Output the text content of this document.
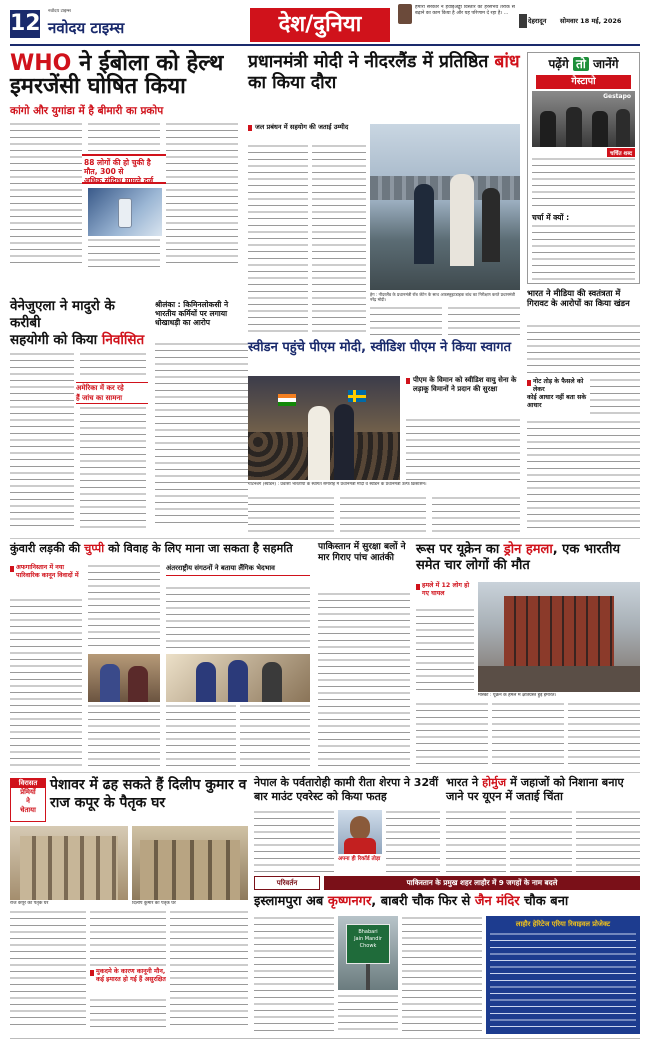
12 नवोदय टाइम्स
नवोदय टाइम्स	देश/दुनिया
हमारी सरकार ने हवाईअड्डा विस्तार को हरसंभव तरीके से बढ़ाने का काम किया है और यह परिणाम दे रहा है। ...
देहरादून सोमवार 18 मई, 2026
WHO ने ईबोला को हेल्थ इमरजेंसी घोषित किया
कांगो और युगांडा में है बीमारी का प्रकोप
88 लोगों की हो चुकी है मौत, 300 से
अधिक संदिग्ध मामले दर्ज
प्रधानमंत्री मोदी ने नीदरलैंड में प्रतिष्ठित बांध का किया दौरा
जल प्रबंधन में सहयोग की जताई उम्मीद
हेग : नीदरलैंड के प्रधानमंत्री रॉब जेटेन के साथ अफस्लुइटडाइक बांध का निरीक्षण करते प्रधानमंत्री नरेंद्र मोदी।
पढ़ेंगे तो जानेंगे
गेस्टापो
Gestapo
चर्चित शब्द
चर्चा में क्यों :
वेनेजुएला ने मादुरो के करीबी
सहयोगी को किया निर्वासित
अमेरिका में कर रहे
हैं जांच का सामना
श्रीलंका : किमिनलोकसी ने भारतीय कर्मियों पर लगाया धोखाधड़ी का आरोप
स्वीडन पहुंचे पीएम मोदी, स्वीडिश पीएम ने किया स्वागत
पीएम के विमान को स्वीडिश वायु सेना के लड़ाकू विमानों ने प्रदान की सुरक्षा
गोटेनबर्ग (स्वीडन) : प्रवासी भारतीयों के स्वागत समारोह में प्रधानमंत्री मोदी व स्वीडन के प्रधानमंत्री उल्फ क्रिस्टर्सन।
भारत ने मीडिया की स्वतंत्रता में गिरावट के आरोपों का किया खंडन
नोट तोड़ के फैसले को लेकर
कोई आधार नहीं बता सके आधार
कुंवारी लड़की की चुप्पी को विवाह के लिए माना जा सकता है सहमति
अफगानिस्तान में नया पारिवारिक कानून विवादों में
अंतरराष्ट्रीय संगठनों ने बताया लैंगिक भेदभाव
पाकिस्तान में सुरक्षा बलों ने मार गिराए पांच आतंकी
रूस पर यूक्रेन का ड्रोन हमला, एक भारतीय समेत चार लोगों की मौत
हमले में 12 लोग हो गए घायल
मॉस्को : यूक्रेन के हमले में क्षतिग्रस्त हुई इमारत।
विरासत
प्रेमियों
ने
चेताया
पेशावर में ढह सकते हैं दिलीप कुमार व राज कपूर के पैतृक घर
राज कपूर का पैतृक घर	दिलीप कुमार का पैतृक घर
मुकदमे के कारण कानूनी मौन, कई इमारत हो गई हैं असुरक्षित
नेपाल के पर्वतारोही कामी रीता शेरपा ने 32वीं बार माउंट एवरेस्ट को किया फतह
अपना ही रिकॉर्ड तोड़ा
भारत ने होर्मुज में जहाजों को निशाना बनाए जाने पर यूएन में जताई चिंता
परिवर्तन	पाकिस्तान के प्रमुख शहर लाहौर में 9 जगहों के नाम बदले
इस्लामपुरा अब कृष्णनगर, बाबरी चौक फिर से जैन मंदिर चौक बना
Bhabari
Jain Mandir
Chowk
लाहौर हेरिटेज एरिया रिवाइवल प्रोजेक्ट
